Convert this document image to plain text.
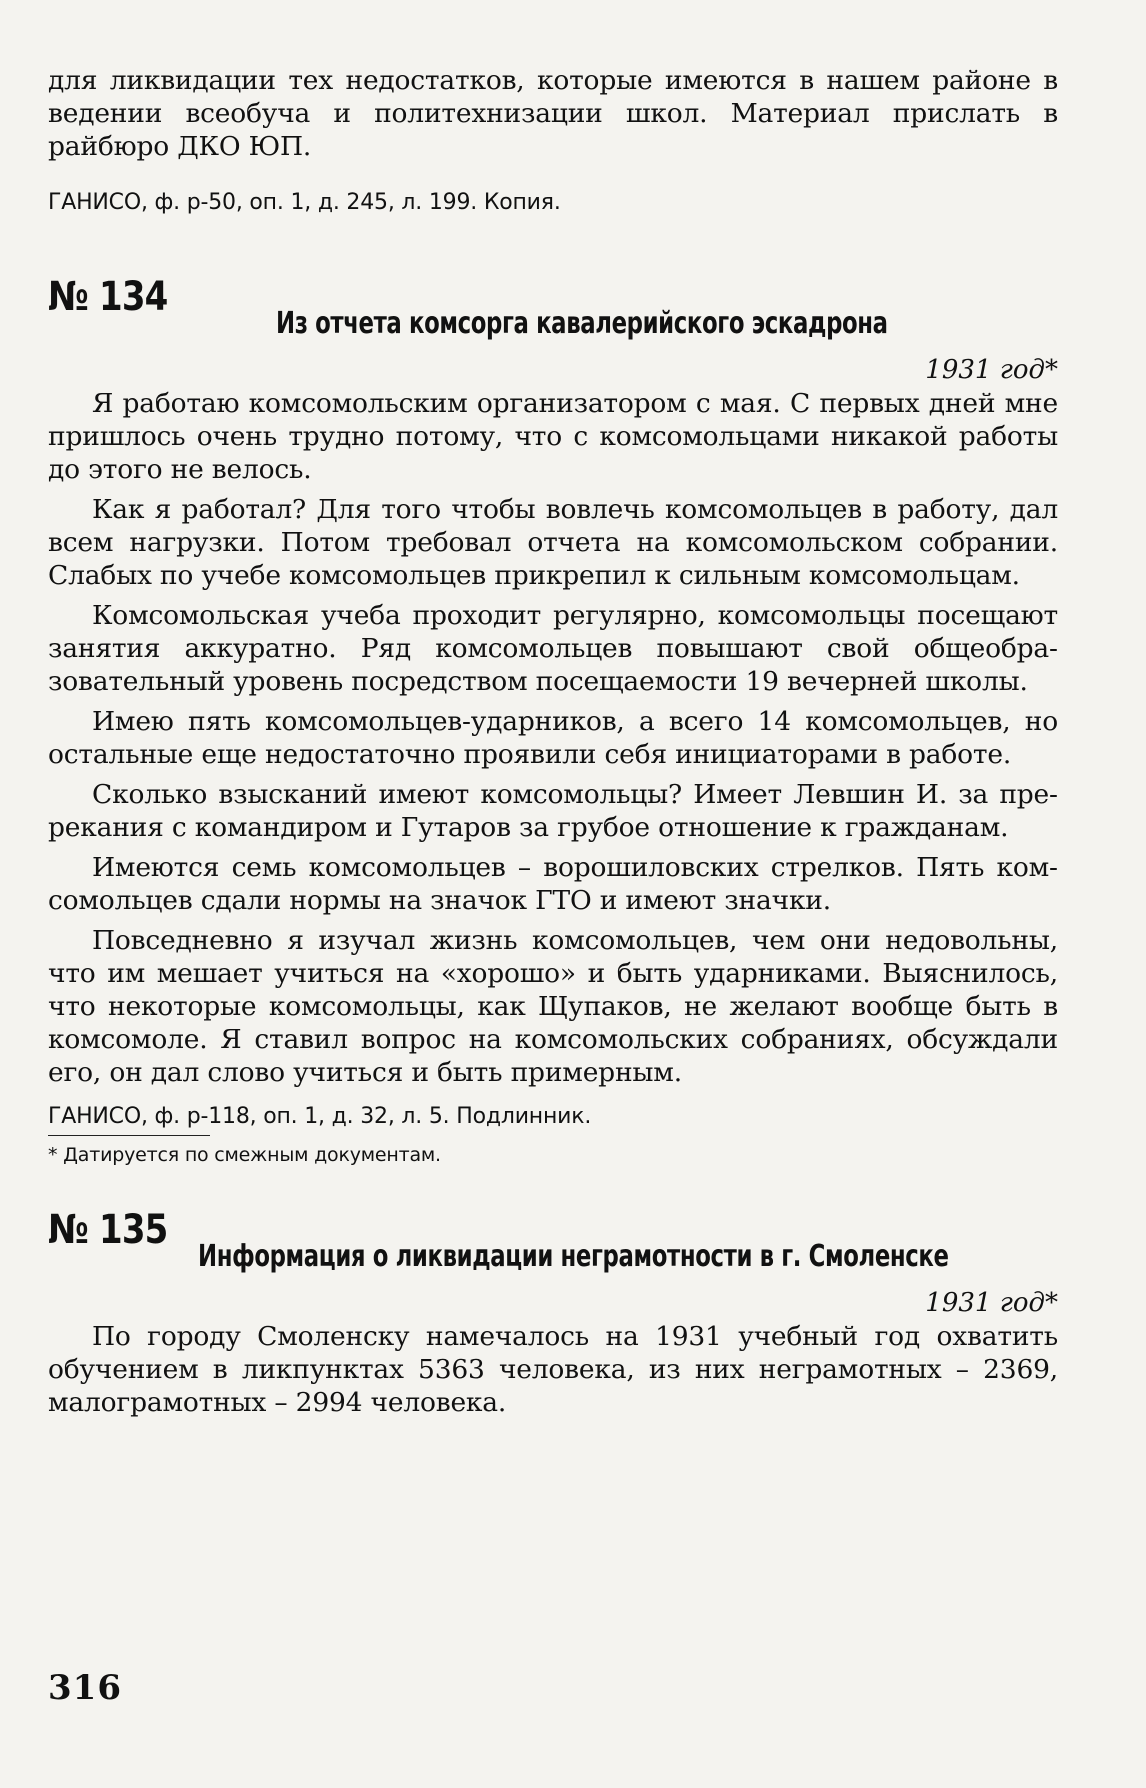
для ликвидации тех недостатков, которые имеются в нашем районе в ведении всеобуча и политехнизации школ. Материал прислать в райбюро ДКО ЮП.

ГАНИСО, ф. р-50, оп. 1, д. 245, л. 199. Копия.

№ 134
Из отчета комсорга кавалерийского эскадрона
1931 год*

Я работаю комсомольским организатором с мая. С первых дней мне пришлось очень трудно потому, что с комсомольцами никакой работы до этого не велось.

Как я работал? Для того чтобы вовлечь комсомольцев в работу, дал всем нагрузки. Потом требовал отчета на комсомольском собрании. Слабых по учебе комсомольцев прикрепил к сильным комсомольцам.

Комсомольская учеба проходит регулярно, комсомольцы посещают занятия аккуратно. Ряд комсомольцев повышают свой общеобразовательный уровень посредством посещаемости 19 вечерней школы.

Имею пять комсомольцев-ударников, а всего 14 комсомольцев, но остальные еще недостаточно проявили себя инициаторами в работе.

Сколько взысканий имеют комсомольцы? Имеет Левшин И. за пререкания с командиром и Гутаров за грубое отношение к гражданам.

Имеются семь комсомольцев – ворошиловских стрелков. Пять комсомольцев сдали нормы на значок ГТО и имеют значки.

Повседневно я изучал жизнь комсомольцев, чем они недовольны, что им мешает учиться на «хорошо» и быть ударниками. Выяснилось, что некоторые комсомольцы, как Щупаков, не желают вообще быть в комсомоле. Я ставил вопрос на комсомольских собраниях, обсуждали его, он дал слово учиться и быть примерным.

ГАНИСО, ф. р-118, оп. 1, д. 32, л. 5. Подлинник.

* Датируется по смежным документам.

№ 135
Информация о ликвидации неграмотности в г. Смоленске
1931 год*

По городу Смоленску намечалось на 1931 учебный год охватить обучением в ликпунктах 5363 человека, из них неграмотных – 2369, малограмотных – 2994 человека.

316
